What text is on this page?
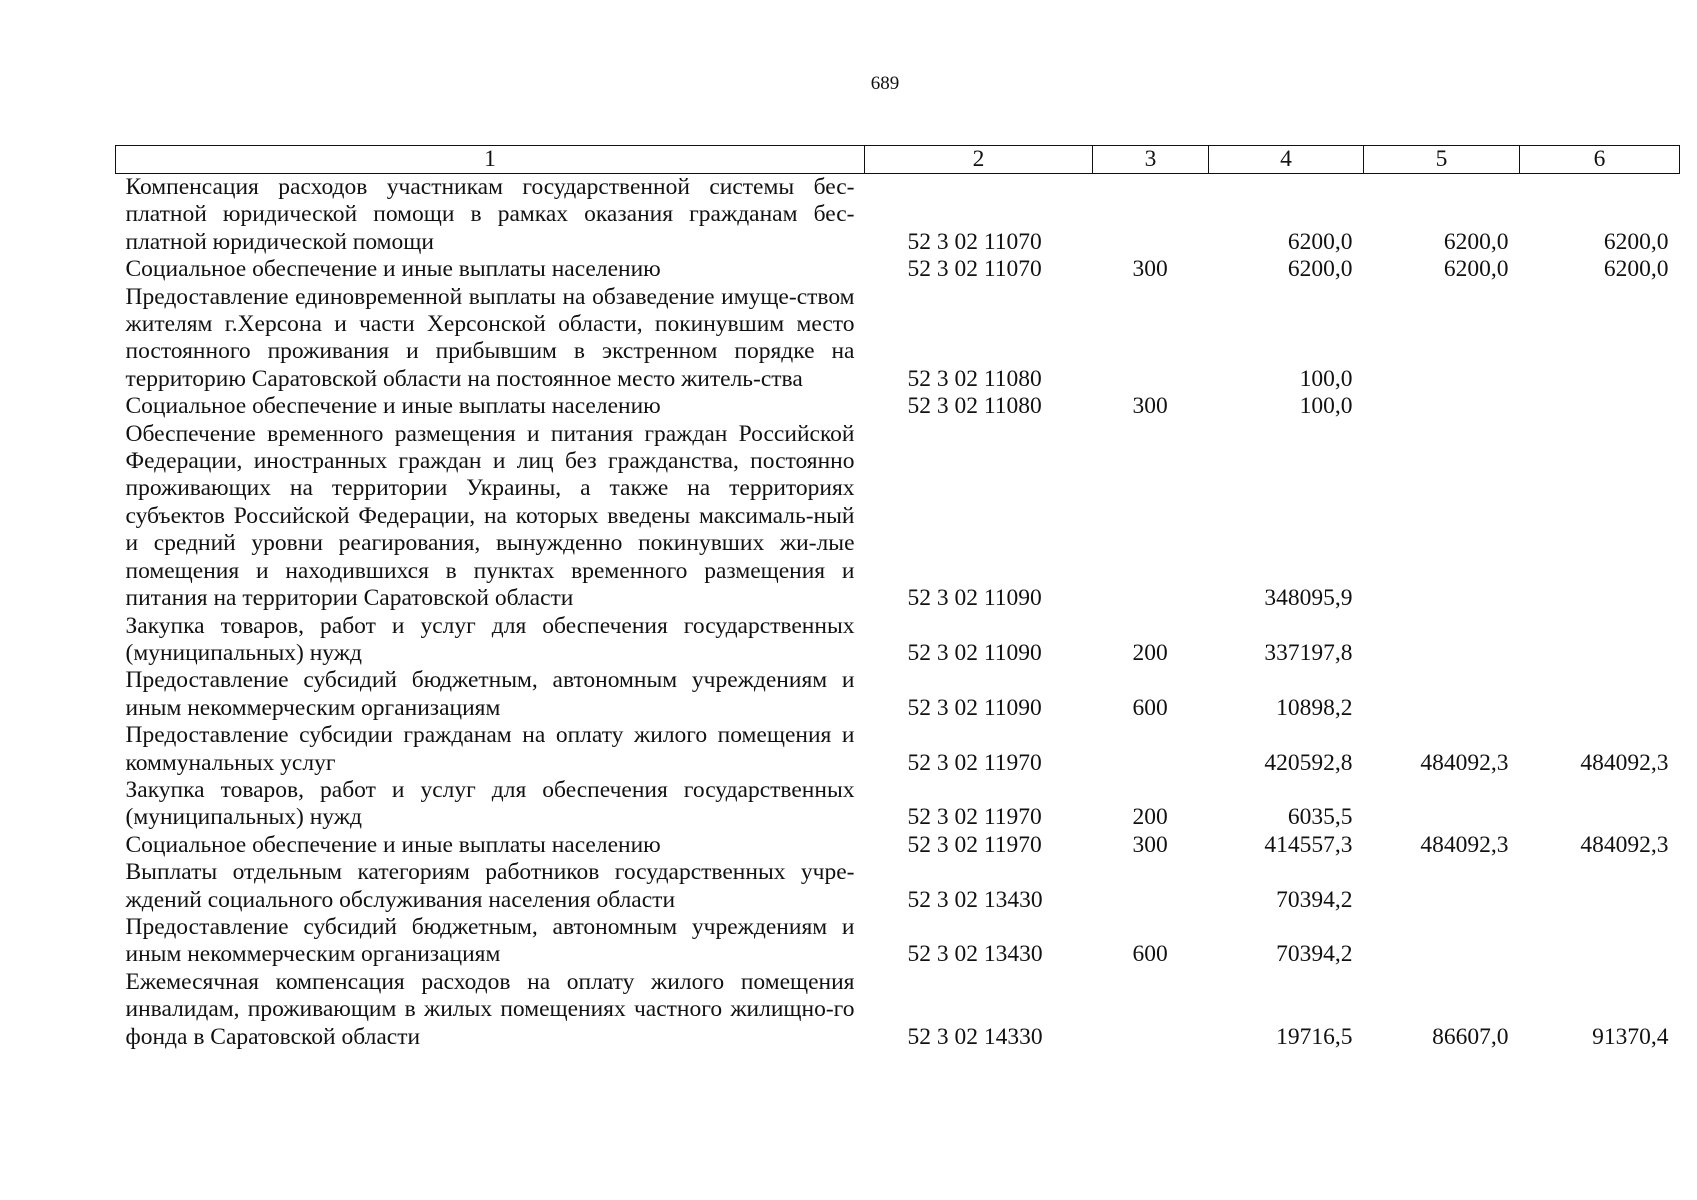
689
1	2	3	4	5	6
Компенсация расходов участникам государственной системы бес-платной юридической помощи в рамках оказания гражданам бес-платной юридической помощи	52 3 02 11070		6200,0	6200,0	6200,0
Социальное обеспечение и иные выплаты населению	52 3 02 11070	300	6200,0	6200,0	6200,0
Предоставление единовременной выплаты на обзаведение имуще-ством жителям г.Херсона и части Херсонской области, покинувшим место постоянного проживания и прибывшим в экстренном порядке на территорию Саратовской области на постоянное место житель-ства	52 3 02 11080		100,0		
Социальное обеспечение и иные выплаты населению	52 3 02 11080	300	100,0		
Обеспечение временного размещения и питания граждан Российской Федерации, иностранных граждан и лиц без гражданства, постоянно проживающих на территории Украины, а также на территориях субъектов Российской Федерации, на которых введены максималь-ный и средний уровни реагирования, вынужденно покинувших жи-лые помещения и находившихся в пунктах временного размещения и питания на территории Саратовской области	52 3 02 11090		348095,9		
Закупка товаров, работ и услуг для обеспечения государственных (муниципальных) нужд	52 3 02 11090	200	337197,8		
Предоставление субсидий бюджетным, автономным учреждениям и иным некоммерческим организациям	52 3 02 11090	600	10898,2		
Предоставление субсидии гражданам на оплату жилого помещения и коммунальных услуг	52 3 02 11970		420592,8	484092,3	484092,3
Закупка товаров, работ и услуг для обеспечения государственных (муниципальных) нужд	52 3 02 11970	200	6035,5		
Социальное обеспечение и иные выплаты населению	52 3 02 11970	300	414557,3	484092,3	484092,3
Выплаты отдельным категориям работников государственных учре-ждений социального обслуживания населения области	52 3 02 13430		70394,2		
Предоставление субсидий бюджетным, автономным учреждениям и иным некоммерческим организациям	52 3 02 13430	600	70394,2		
Ежемесячная компенсация расходов на оплату жилого помещения инвалидам, проживающим в жилых помещениях частного жилищно-го фонда в Саратовской области	52 3 02 14330		19716,5	86607,0	91370,4
